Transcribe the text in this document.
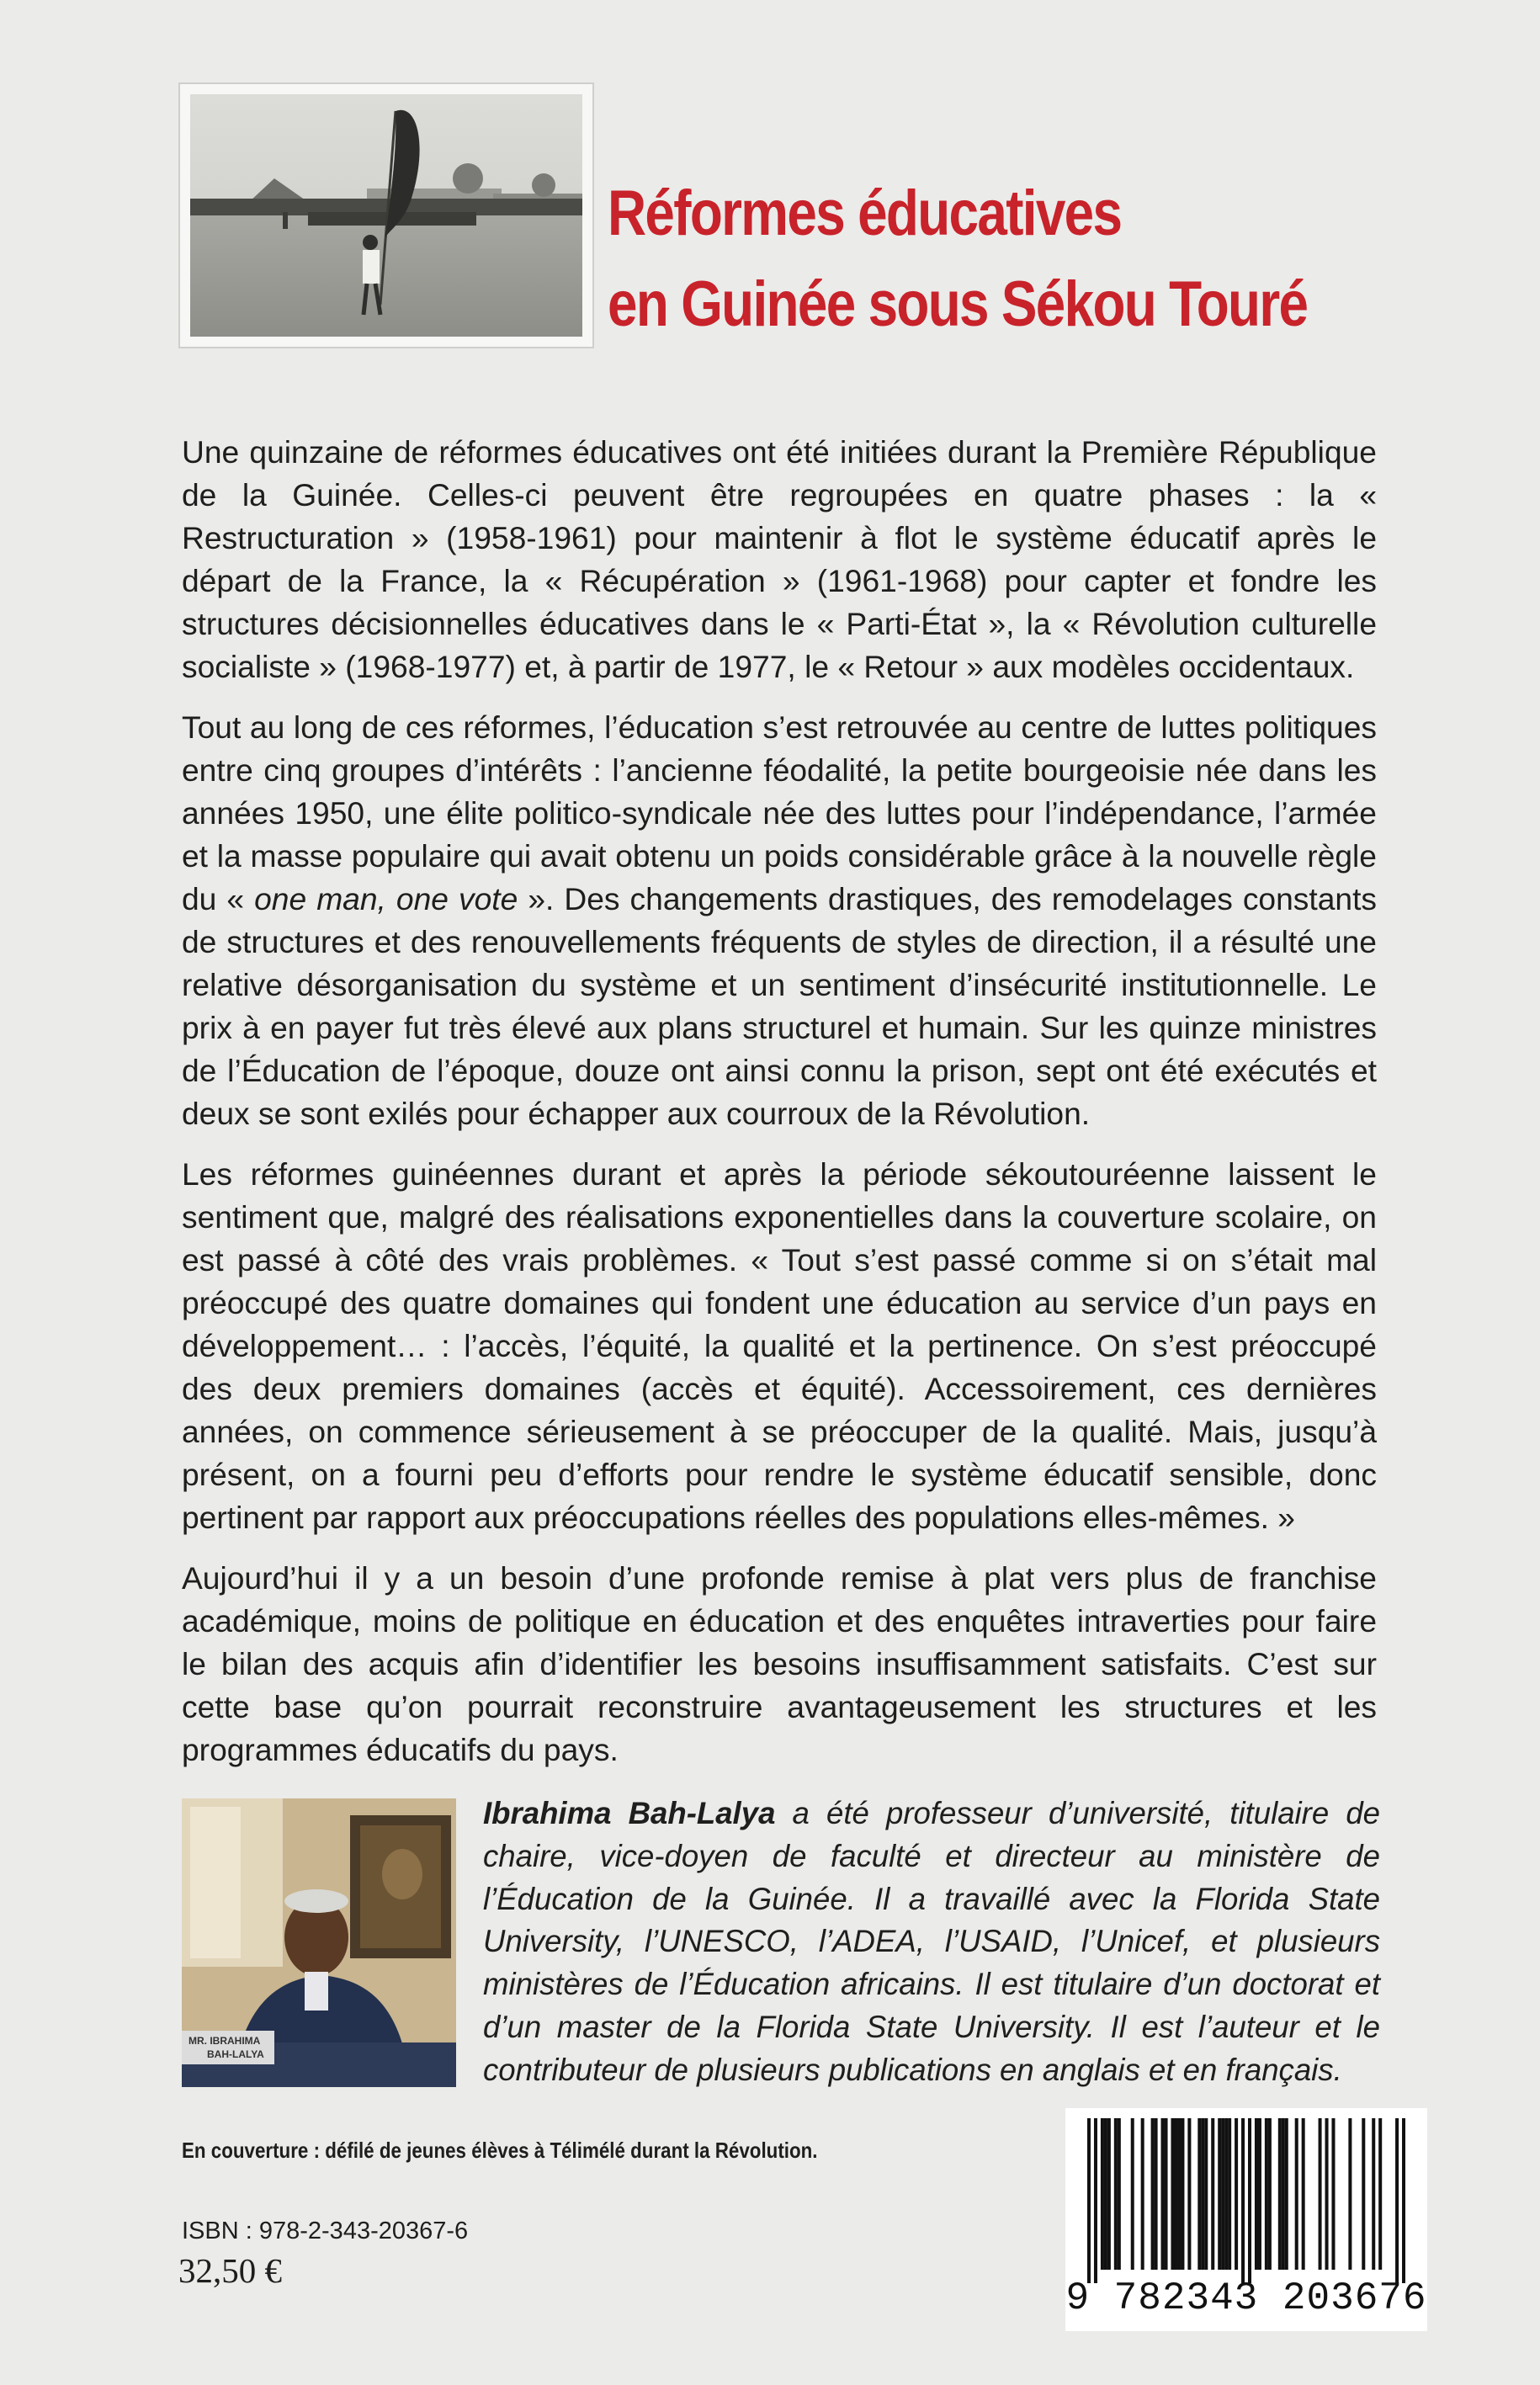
Réformes éducatives
en Guinée sous Sékou Touré

Une quinzaine de réformes éducatives ont été initiées durant la Première République de la Guinée. Celles-ci peuvent être regroupées en quatre phases : la « Restructuration » (1958-1961) pour maintenir à flot le système éducatif après le départ de la France, la « Récupération » (1961-1968) pour capter et fondre les structures décisionnelles éducatives dans le « Parti-État », la « Révolution culturelle socialiste » (1968-1977) et, à partir de 1977, le « Retour » aux modèles occidentaux.

Tout au long de ces réformes, l’éducation s’est retrouvée au centre de luttes politiques entre cinq groupes d’intérêts : l’ancienne féodalité, la petite bourgeoisie née dans les années 1950, une élite politico-syndicale née des luttes pour l’indépendance, l’armée et la masse populaire qui avait obtenu un poids considérable grâce à la nouvelle règle du « one man, one vote ». Des changements drastiques, des remodelages constants de structures et des renouvellements fréquents de styles de direction, il a résulté une relative désorganisation du système et un sentiment d’insécurité institutionnelle. Le prix à en payer fut très élevé aux plans structurel et humain. Sur les quinze ministres de l’Éducation de l’époque, douze ont ainsi connu la prison, sept ont été exécutés et deux se sont exilés pour échapper aux courroux de la Révolution.

Les réformes guinéennes durant et après la période sékoutouréenne laissent le sentiment que, malgré des réalisations exponentielles dans la couverture scolaire, on est passé à côté des vrais problèmes. « Tout s’est passé comme si on s’était mal préoccupé des quatre domaines qui fondent une éducation au service d’un pays en développement… : l’accès, l’équité, la qualité et la pertinence. On s’est préoccupé des deux premiers domaines (accès et équité). Accessoirement, ces dernières années, on commence sérieusement à se préoccuper de la qualité. Mais, jusqu’à présent, on a fourni peu d’efforts pour rendre le système éducatif sensible, donc pertinent par rapport aux préoccupations réelles des populations elles-mêmes. »

Aujourd’hui il y a un besoin d’une profonde remise à plat vers plus de franchise académique, moins de politique en éducation et des enquêtes intraverties pour faire le bilan des acquis afin d’identifier les besoins insuffisamment satisfaits. C’est sur cette base qu’on pourrait reconstruire avantageusement les structures et les programmes éducatifs du pays.

MR. IBRAHIMA
BAH-LALYA
Ibrahima Bah-Lalya a été professeur d’université, titulaire de chaire, vice-doyen de faculté et directeur au ministère de l’Éducation de la Guinée. Il a travaillé avec la Florida State University, l’UNESCO, l’ADEA, l’USAID, l’Unicef, et plusieurs ministères de l’Éducation africains. Il est titulaire d’un doctorat et d’un master de la Florida State University. Il est l’auteur et le contributeur de plusieurs publications en anglais et en français.
En couverture : défilé de jeunes élèves à Télimélé durant la Révolution.
ISBN : 978-2-343-20367-6
32,50 €
9 782343 203676
